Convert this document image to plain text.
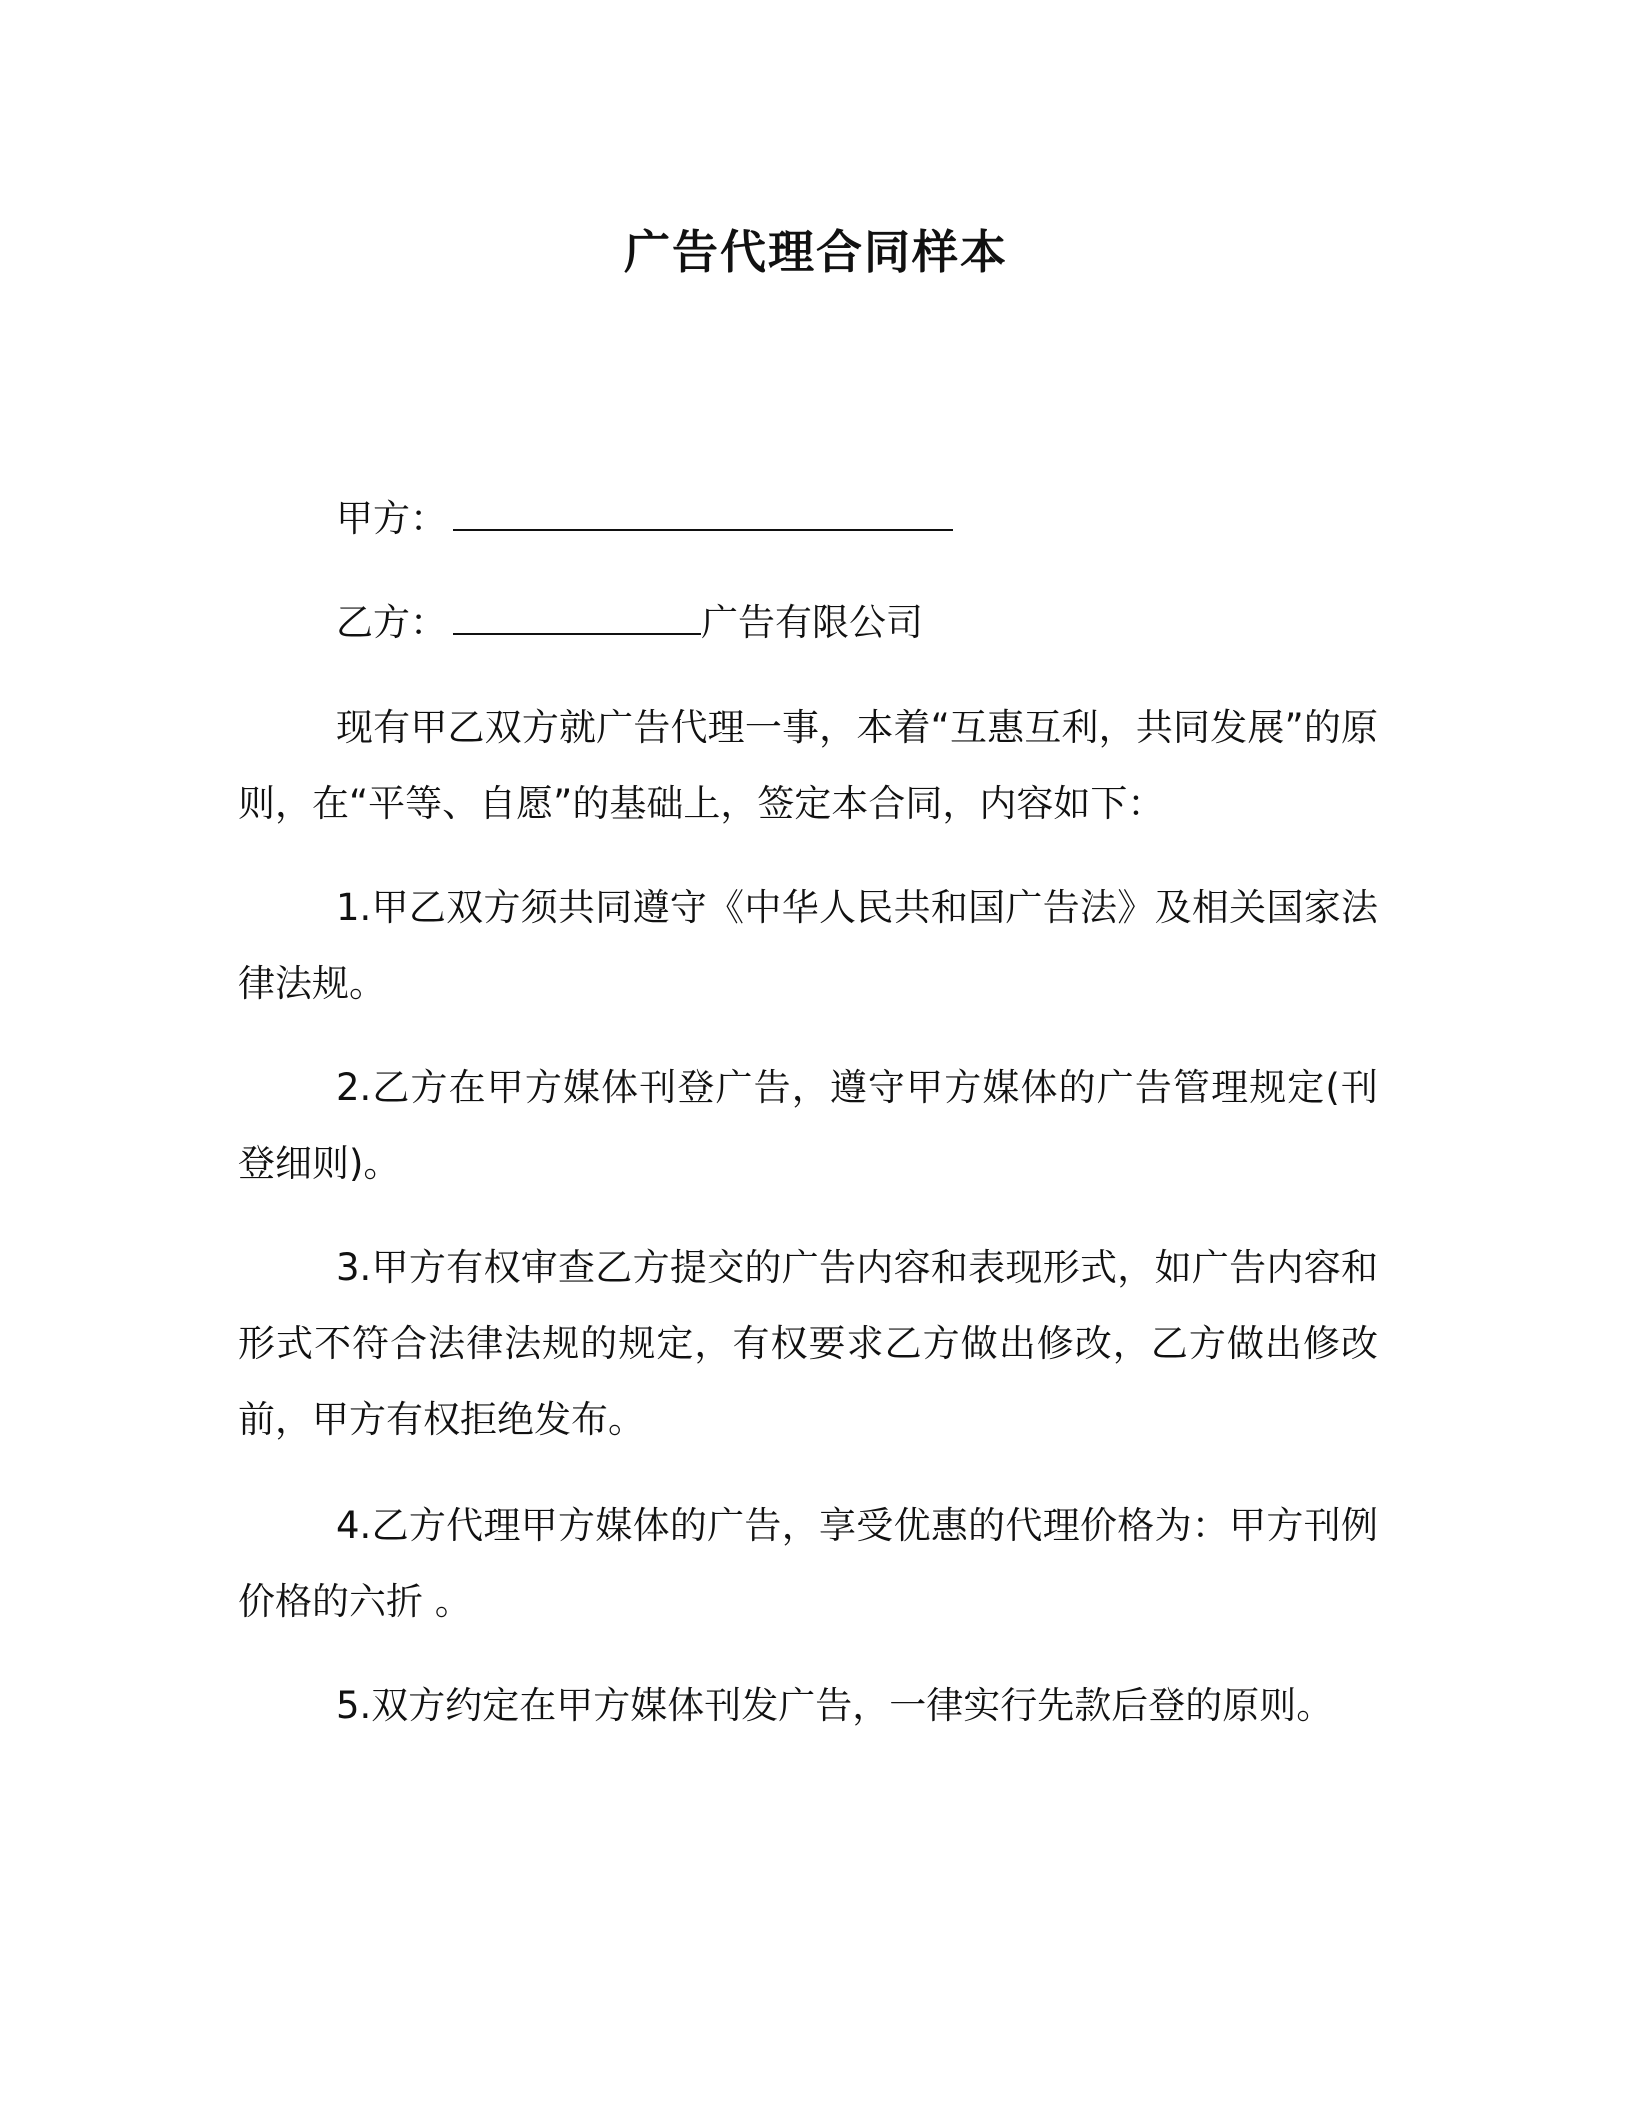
广告代理合同样本
甲方：
乙方：	广告有限公司

现有甲乙双方就广告代理一事，本着“互惠互利，共同发展”的原则，在“平等、自愿”的基础上，签定本合同，内容如下：

1.甲乙双方须共同遵守《中华人民共和国广告法》及相关国家法律法规。

2.乙方在甲方媒体刊登广告，遵守甲方媒体的广告管理规定(刊登细则)。

3.甲方有权审查乙方提交的广告内容和表现形式，如广告内容和形式不符合法律法规的规定，有权要求乙方做出修改，乙方做出修改前，甲方有权拒绝发布。

4.乙方代理甲方媒体的广告，享受优惠的代理价格为：甲方刊例价格的六折 。

5.双方约定在甲方媒体刊发广告，一律实行先款后登的原则。
